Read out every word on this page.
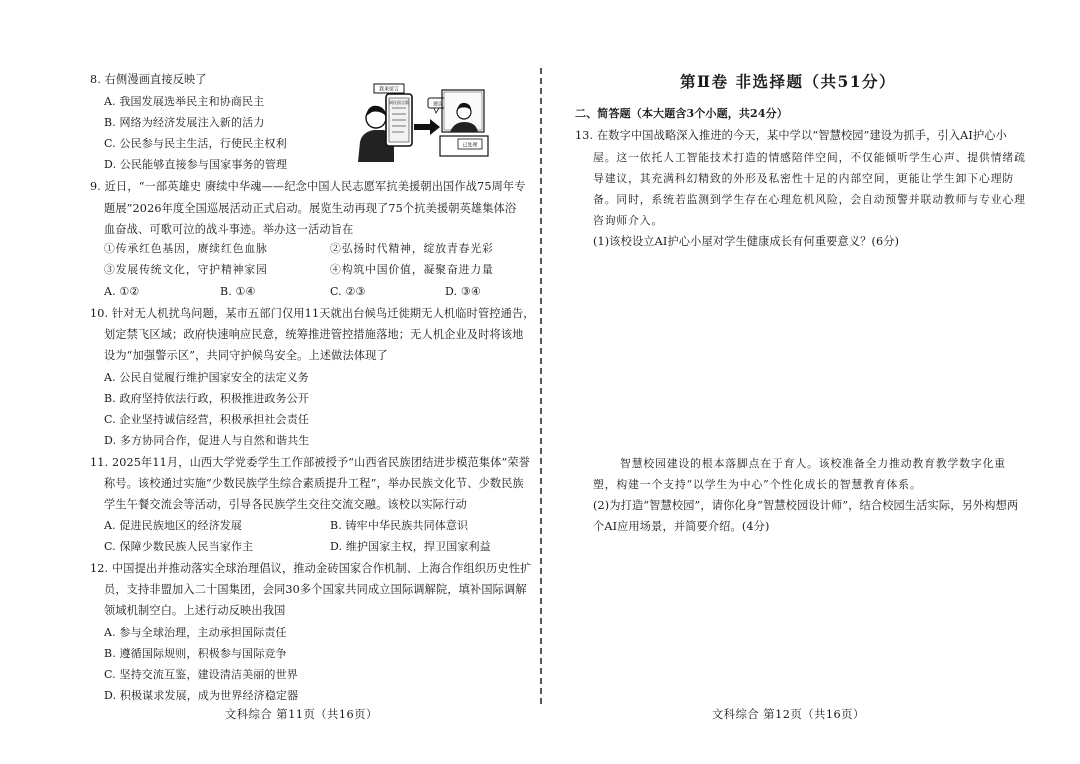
8. 右侧漫画直接反映了
A. 我国发展选举民主和协商民主
B. 网络为经济发展注入新的活力
C. 公民参与民主生活，行使民主权利
D. 公民能够直接参与国家事务的管理
9. 近日，“一部英雄史 赓续中华魂——纪念中国人民志愿军抗美援朝出国作战75周年专
题展”2026年度全国巡展活动正式启动。展览生动再现了75个抗美援朝英雄集体浴
血奋战、可歌可泣的战斗事迹。举办这一活动旨在
①传承红色基因，赓续红色血脉	②弘扬时代精神，绽放青春光彩
③发展传统文化，守护精神家园	④构筑中国价值，凝聚奋进力量
A. ①②	B. ①④	C. ②③	D. ③④
10. 针对无人机扰鸟问题，某市五部门仅用11天就出台候鸟迁徙期无人机临时管控通告，
划定禁飞区域；政府快速响应民意，统筹推进管控措施落地；无人机企业及时将该地
设为“加强警示区”，共同守护候鸟安全。上述做法体现了
A. 公民自觉履行维护国家安全的法定义务
B. 政府坚持依法行政，积极推进政务公开
C. 企业坚持诚信经营，积极承担社会责任
D. 多方协同合作，促进人与自然和谐共生
11. 2025年11月，山西大学党委学生工作部被授予“山西省民族团结进步模范集体”荣誉
称号。该校通过实施“少数民族学生综合素质提升工程”，举办民族文化节、少数民族
学生午餐交流会等活动，引导各民族学生交往交流交融。该校以实际行动
A. 促进民族地区的经济发展	B. 铸牢中华民族共同体意识
C. 保障少数民族人民当家作主	D. 维护国家主权，捍卫国家利益
12. 中国提出并推动落实全球治理倡议，推动金砖国家合作机制、上海合作组织历史性扩
员，支持非盟加入二十国集团，会同30多个国家共同成立国际调解院，填补国际调解
领域机制空白。上述行动反映出我国
A. 参与全球治理，主动承担国际责任
B. 遵循国际规则，积极参与国际竞争
C. 坚持交流互鉴，建设清洁美丽的世界
D. 积极谋求发展，成为世界经济稳定器
网民留言版
我来留言
建议
已处理
第Ⅱ卷 非选择题（共51分）
二、简答题（本大题含3个小题，共24分）
13. 在数字中国战略深入推进的今天，某中学以“智慧校园”建设为抓手，引入AI护心小
屋。这一依托人工智能技术打造的情感陪伴空间，不仅能倾听学生心声、提供情绪疏
导建议，其充满科幻精致的外形及私密性十足的内部空间，更能让学生卸下心理防
备。同时，系统若监测到学生存在心理危机风险，会自动预警并联动教师与专业心理
咨询师介入。
(1)该校设立AI护心小屋对学生健康成长有何重要意义？(6分)
智慧校园建设的根本落脚点在于育人。该校准备全力推动教育教学数字化重
塑，构建一个支持“以学生为中心”个性化成长的智慧教育体系。
(2)为打造“智慧校园”，请你化身“智慧校园设计师”，结合校园生活实际，另外构想两
个AI应用场景，并简要介绍。(4分)
文科综合 第11页（共16页）	文科综合 第12页（共16页）
